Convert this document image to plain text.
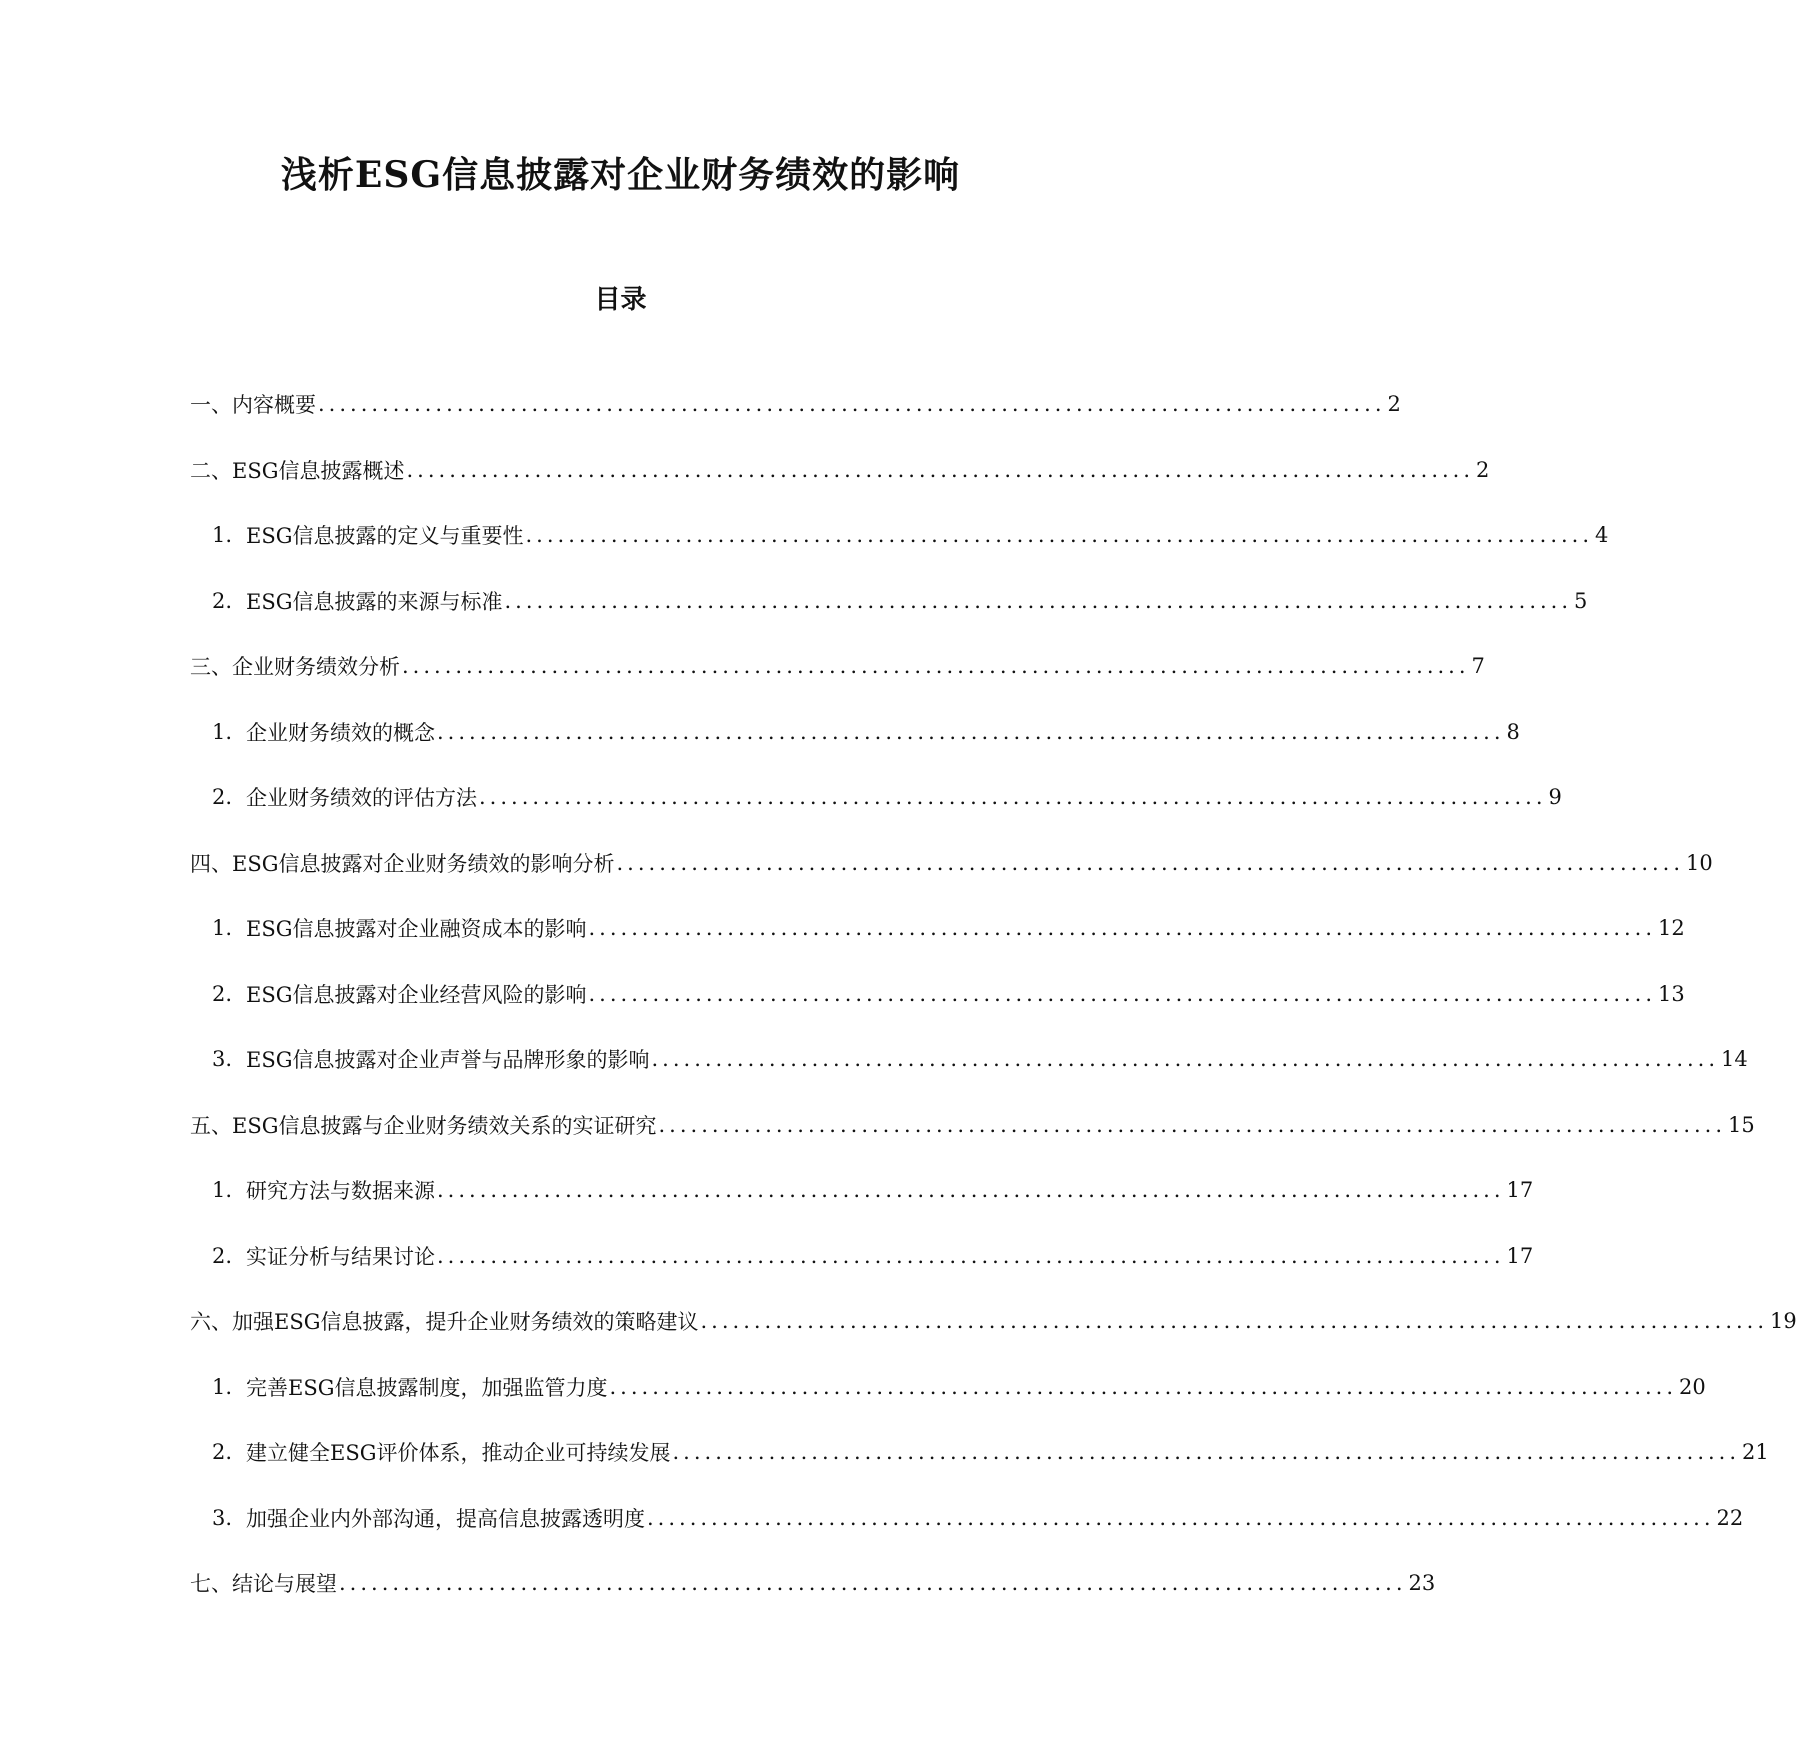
浅析ESG信息披露对企业财务绩效的影响
目录
一、内容概要 .................................................................................................... 2
二、ESG信息披露概述 .................................................................................................... 2
1. ESG信息披露的定义与重要性 .................................................................................................... 4
2. ESG信息披露的来源与标准 .................................................................................................... 5
三、企业财务绩效分析 .................................................................................................... 7
1. 企业财务绩效的概念 .................................................................................................... 8
2. 企业财务绩效的评估方法 .................................................................................................... 9
四、ESG信息披露对企业财务绩效的影响分析 .................................................................................................... 10
1. ESG信息披露对企业融资成本的影响 .................................................................................................... 12
2. ESG信息披露对企业经营风险的影响 .................................................................................................... 13
3. ESG信息披露对企业声誉与品牌形象的影响 .................................................................................................... 14
五、ESG信息披露与企业财务绩效关系的实证研究 .................................................................................................... 15
1. 研究方法与数据来源 .................................................................................................... 17
2. 实证分析与结果讨论 .................................................................................................... 17
六、加强ESG信息披露，提升企业财务绩效的策略建议 .................................................................................................... 19
1. 完善ESG信息披露制度，加强监管力度 .................................................................................................... 20
2. 建立健全ESG评价体系，推动企业可持续发展 .................................................................................................... 21
3. 加强企业内外部沟通，提高信息披露透明度 .................................................................................................... 22
七、结论与展望 .................................................................................................... 23
